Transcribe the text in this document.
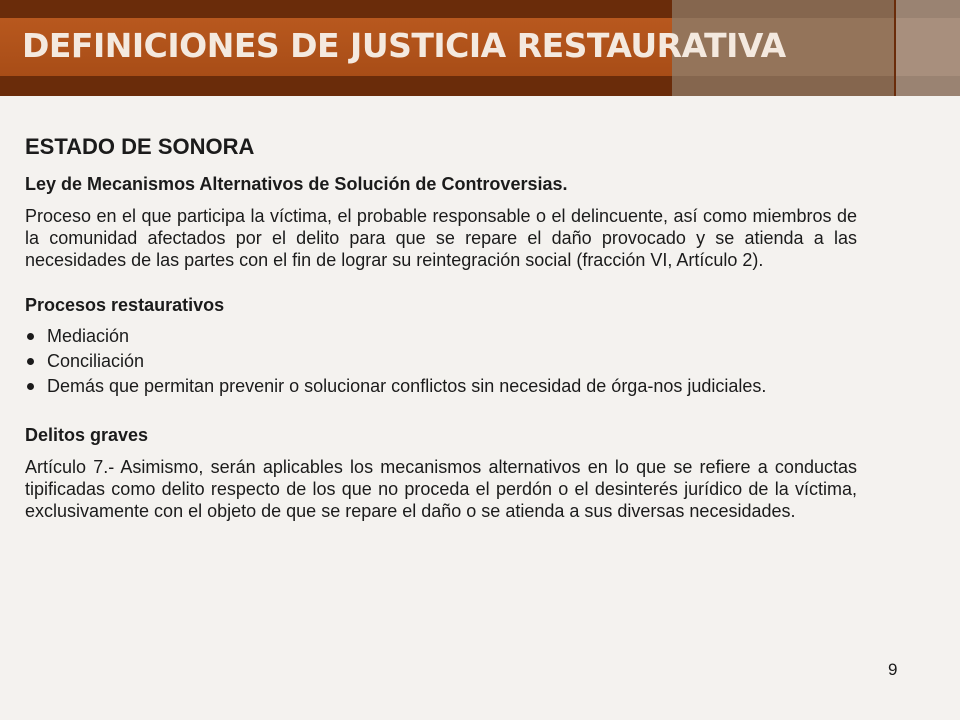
DEFINICIONES DE JUSTICIA RESTAURATIVA
ESTADO DE SONORA

Ley de Mecanismos Alternativos de Solución de Controversias.

Proceso en el que participa la víctima, el probable responsable o el delincuente, así como miembros de la comunidad afectados por el delito para que se repare el daño provocado y se atienda a las necesidades de las partes con el fin de lograr su reintegración social (fracción VI, Artículo 2).

Procesos restaurativos

Mediación
Conciliación
Demás que permitan prevenir o solucionar conflictos sin necesidad de órga-nos judiciales.

Delitos graves

Artículo 7.- Asimismo, serán aplicables los mecanismos alternativos en lo que se refiere a conductas tipificadas como delito respecto de los que no proceda el perdón o el desinterés jurídico de la víctima, exclusivamente con el objeto de que se repare el daño o se atienda a sus diversas necesidades.

9
